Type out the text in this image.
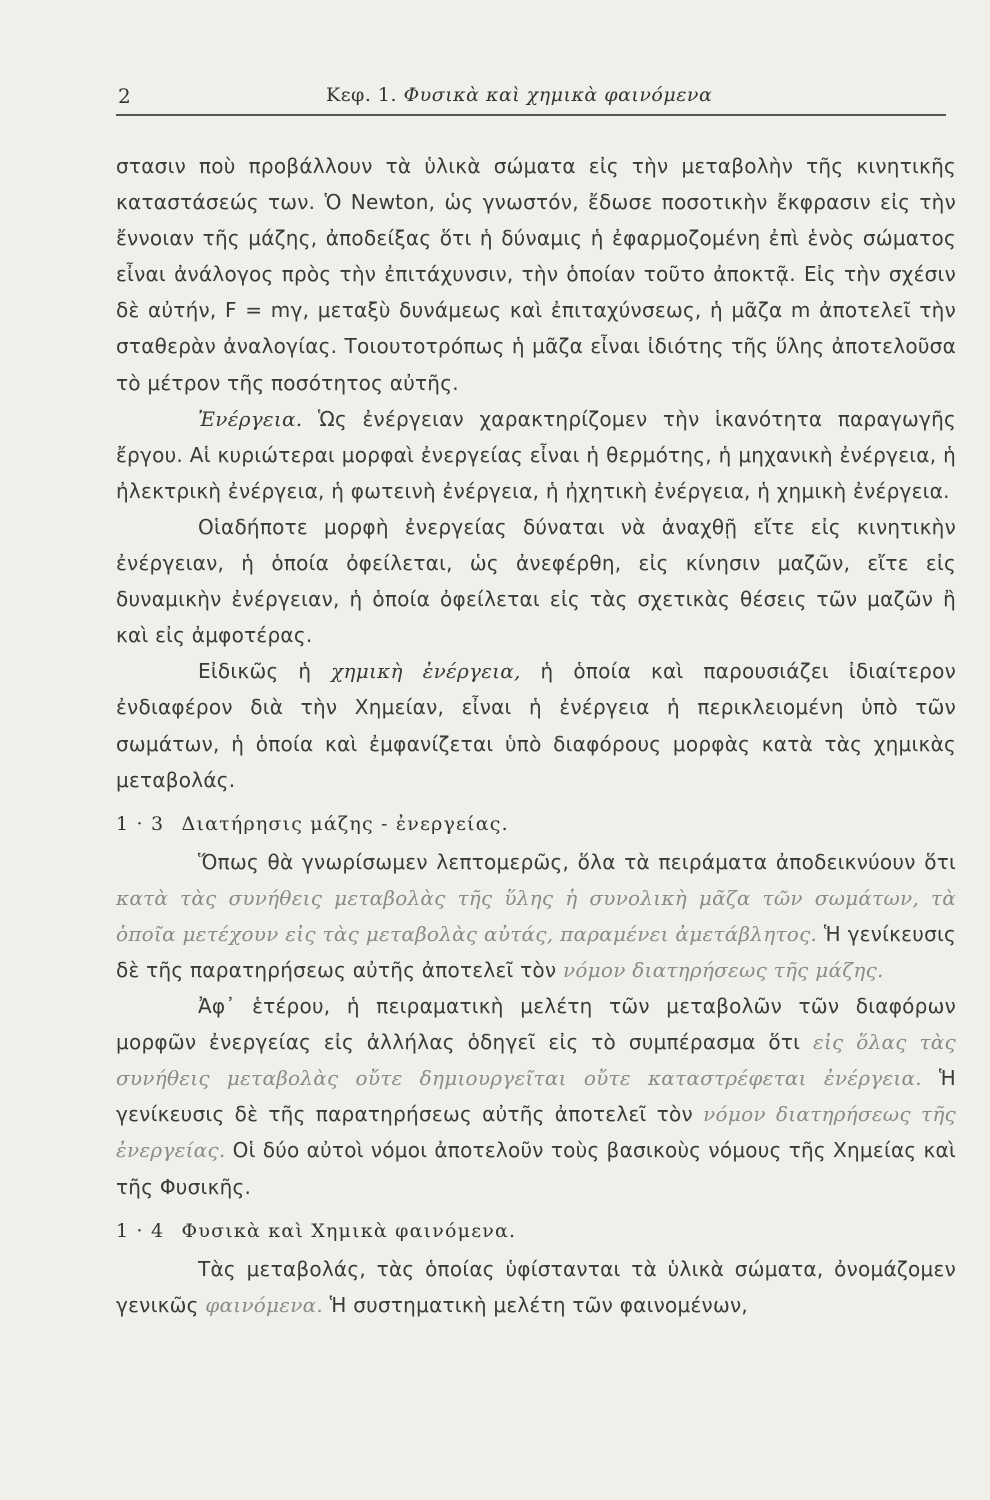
2	Κεφ. 1. Φυσικὰ καὶ χημικὰ φαινόμενα

στασιν ποὺ προβάλλουν τὰ ὑλικὰ σώματα εἰς τὴν μεταβολὴν τῆς κινητικῆς καταστάσεώς των. Ὁ Newton, ὡς γνωστόν, ἔδωσε ποσοτικὴν ἔκφρασιν εἰς τὴν ἔννοιαν τῆς μάζης, ἀποδείξας ὅτι ἡ δύναμις ἡ ἐφαρμοζομένη ἐπὶ ἑνὸς σώματος εἶναι ἀνάλογος πρὸς τὴν ἐπιτάχυνσιν, τὴν ὁποίαν τοῦτο ἀποκτᾷ. Εἰς τὴν σχέσιν δὲ αὐτήν, F = mγ, μεταξὺ δυνάμεως καὶ ἐπιταχύνσεως, ἡ μᾶζα m ἀποτελεῖ τὴν σταθερὰν ἀναλογίας. Τοιουτοτρόπως ἡ μᾶζα εἶναι ἰδιότης τῆς ὕλης ἀποτελοῦσα τὸ μέτρον τῆς ποσότητος αὐτῆς.

Ἐνέργεια. Ὡς ἐνέργειαν χαρακτηρίζομεν τὴν ἱκανότητα παραγωγῆς ἔργου. Αἱ κυριώτεραι μορφαὶ ἐνεργείας εἶναι ἡ θερμότης, ἡ μηχανικὴ ἐνέργεια, ἡ ἠλεκτρικὴ ἐνέργεια, ἡ φωτεινὴ ἐνέργεια, ἡ ἠχητικὴ ἐνέργεια, ἡ χημικὴ ἐνέργεια.

Οἱαδήποτε μορφὴ ἐνεργείας δύναται νὰ ἀναχθῇ εἴτε εἰς κινητικὴν ἐνέργειαν, ἡ ὁποία ὀφείλεται, ὡς ἀνεφέρθη, εἰς κίνησιν μαζῶν, εἴτε εἰς δυναμικὴν ἐνέργειαν, ἡ ὁποία ὀφείλεται εἰς τὰς σχετικὰς θέσεις τῶν μαζῶν ἢ καὶ εἰς ἀμφοτέρας.

Εἰδικῶς ἡ χημικὴ ἐνέργεια, ἡ ὁποία καὶ παρουσιάζει ἰδιαίτερον ἐνδιαφέρον διὰ τὴν Χημείαν, εἶναι ἡ ἐνέργεια ἡ περικλειομένη ὑπὸ τῶν σωμάτων, ἡ ὁποία καὶ ἐμφανίζεται ὑπὸ διαφόρους μορφὰς κατὰ τὰς χημικὰς μεταβολάς.

1 · 3 Διατήρησις μάζης - ἐνεργείας.

Ὅπως θὰ γνωρίσωμεν λεπτομερῶς, ὅλα τὰ πειράματα ἀποδεικνύουν ὅτι κατὰ τὰς συνήθεις μεταβολὰς τῆς ὕλης ἡ συνολικὴ μᾶζα τῶν σωμάτων, τὰ ὁποῖα μετέχουν εἰς τὰς μεταβολὰς αὐτάς, παραμένει ἀμετάβλητος. Ἡ γενίκευσις δὲ τῆς παρατηρήσεως αὐτῆς ἀποτελεῖ τὸν νόμον διατηρήσεως τῆς μάζης.

Ἀφ᾽ ἑτέρου, ἡ πειραματικὴ μελέτη τῶν μεταβολῶν τῶν διαφόρων μορφῶν ἐνεργείας εἰς ἀλλήλας ὁδηγεῖ εἰς τὸ συμπέρασμα ὅτι εἰς ὅλας τὰς συνήθεις μεταβολὰς οὔτε δημιουργεῖται οὔτε καταστρέφεται ἐνέργεια. Ἡ γενίκευσις δὲ τῆς παρατηρήσεως αὐτῆς ἀποτελεῖ τὸν νόμον διατηρήσεως τῆς ἐνεργείας. Οἱ δύο αὐτοὶ νόμοι ἀποτελοῦν τοὺς βασικοὺς νόμους τῆς Χημείας καὶ τῆς Φυσικῆς.

1 · 4 Φυσικὰ καὶ Χημικὰ φαινόμενα.

Τὰς μεταβολάς, τὰς ὁποίας ὑφίστανται τὰ ὑλικὰ σώματα, ὀνομάζομεν γενικῶς φαινόμενα. Ἡ συστηματικὴ μελέτη τῶν φαινομένων,
